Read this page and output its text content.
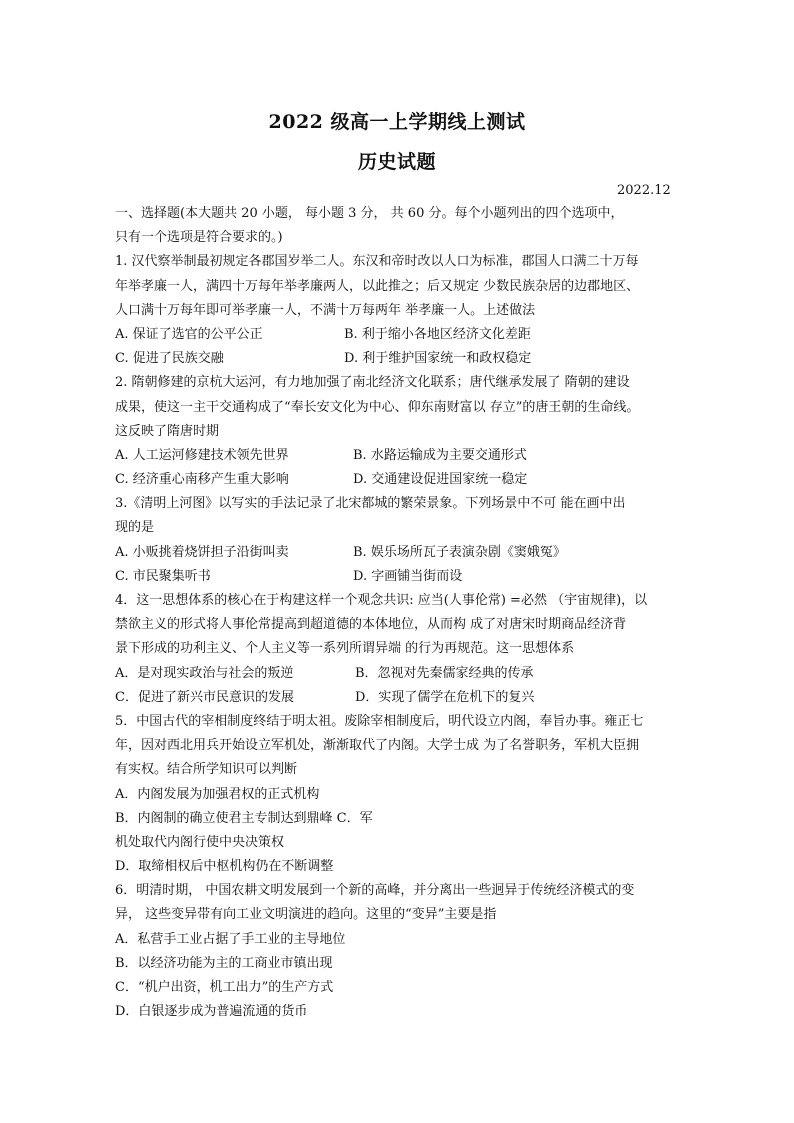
2022 级高一上学期线上测试
历史试题
2022.12
一、选择题(本大题共 20 小题， 每小题 3 分， 共 60 分。每个小题列出的四个选项中，
只有一个选项是符合要求的。)
1. 汉代察举制最初规定各郡国岁举二人。东汉和帝时改以人口为标准，郡国人口满二十万每
年举孝廉一人，满四十万每年举孝廉两人，以此推之；后又规定 少数民族杂居的边郡地区、
人口满十万每年即可举孝廉一人，不满十万每两年 举孝廉一人。上述做法
A. 保证了选官的公平公正	B. 利于缩小各地区经济文化差距
C. 促进了民族交融	D. 利于维护国家统一和政权稳定
2. 隋朝修建的京杭大运河，有力地加强了南北经济文化联系；唐代继承发展了 隋朝的建设
成果，使这一主干交通构成了“奉长安文化为中心、仰东南财富以 存立”的唐王朝的生命线。
这反映了隋唐时期
A. 人工运河修建技术领先世界	B. 水路运输成为主要交通形式
C. 经济重心南移产生重大影响	D. 交通建设促进国家统一稳定
3.《清明上河图》以写实的手法记录了北宋都城的繁荣景象。下列场景中不可 能在画中出
现的是
A. 小贩挑着烧饼担子沿街叫卖	B. 娱乐场所瓦子表演杂剧《窦娥冤》
C. 市民聚集听书	D. 字画铺当街而设
4．这一思想体系的核心在于构建这样一个观念共识: 应当(人事伦常) =必然 （宇宙规律)，以
禁欲主义的形式将人事伦常提高到超道德的本体地位，从而构 成了对唐宋时期商品经济背
景下形成的功利主义、个人主义等一系列所谓异端 的行为再规范。这一思想体系
A．是对现实政治与社会的叛逆	B．忽视对先秦儒家经典的传承
C．促进了新兴市民意识的发展	D．实现了儒学在危机下的复兴
5．中国古代的宰相制度终结于明太祖。废除宰相制度后，明代设立内阁，奉旨办事。雍正七
年，因对西北用兵开始设立军机处，渐渐取代了内阁。大学士成 为了名誉职务，军机大臣拥
有实权。结合所学知识可以判断
A．内阁发展为加强君权的正式机构
B．内阁制的确立使君主专制达到鼎峰 C．军
机处取代内阁行使中央决策权
D．取缔相权后中枢机构仍在不断调整
6．明清时期， 中国农耕文明发展到一个新的高峰，并分离出一些迥异于传统经济模式的变
异， 这些变异带有向工业文明演进的趋向。这里的“变异”主要是指
A．私营手工业占据了手工业的主导地位
B．以经济功能为主的工商业市镇出现
C．“机户出资，机工出力”的生产方式
D．白银逐步成为普遍流通的货币
